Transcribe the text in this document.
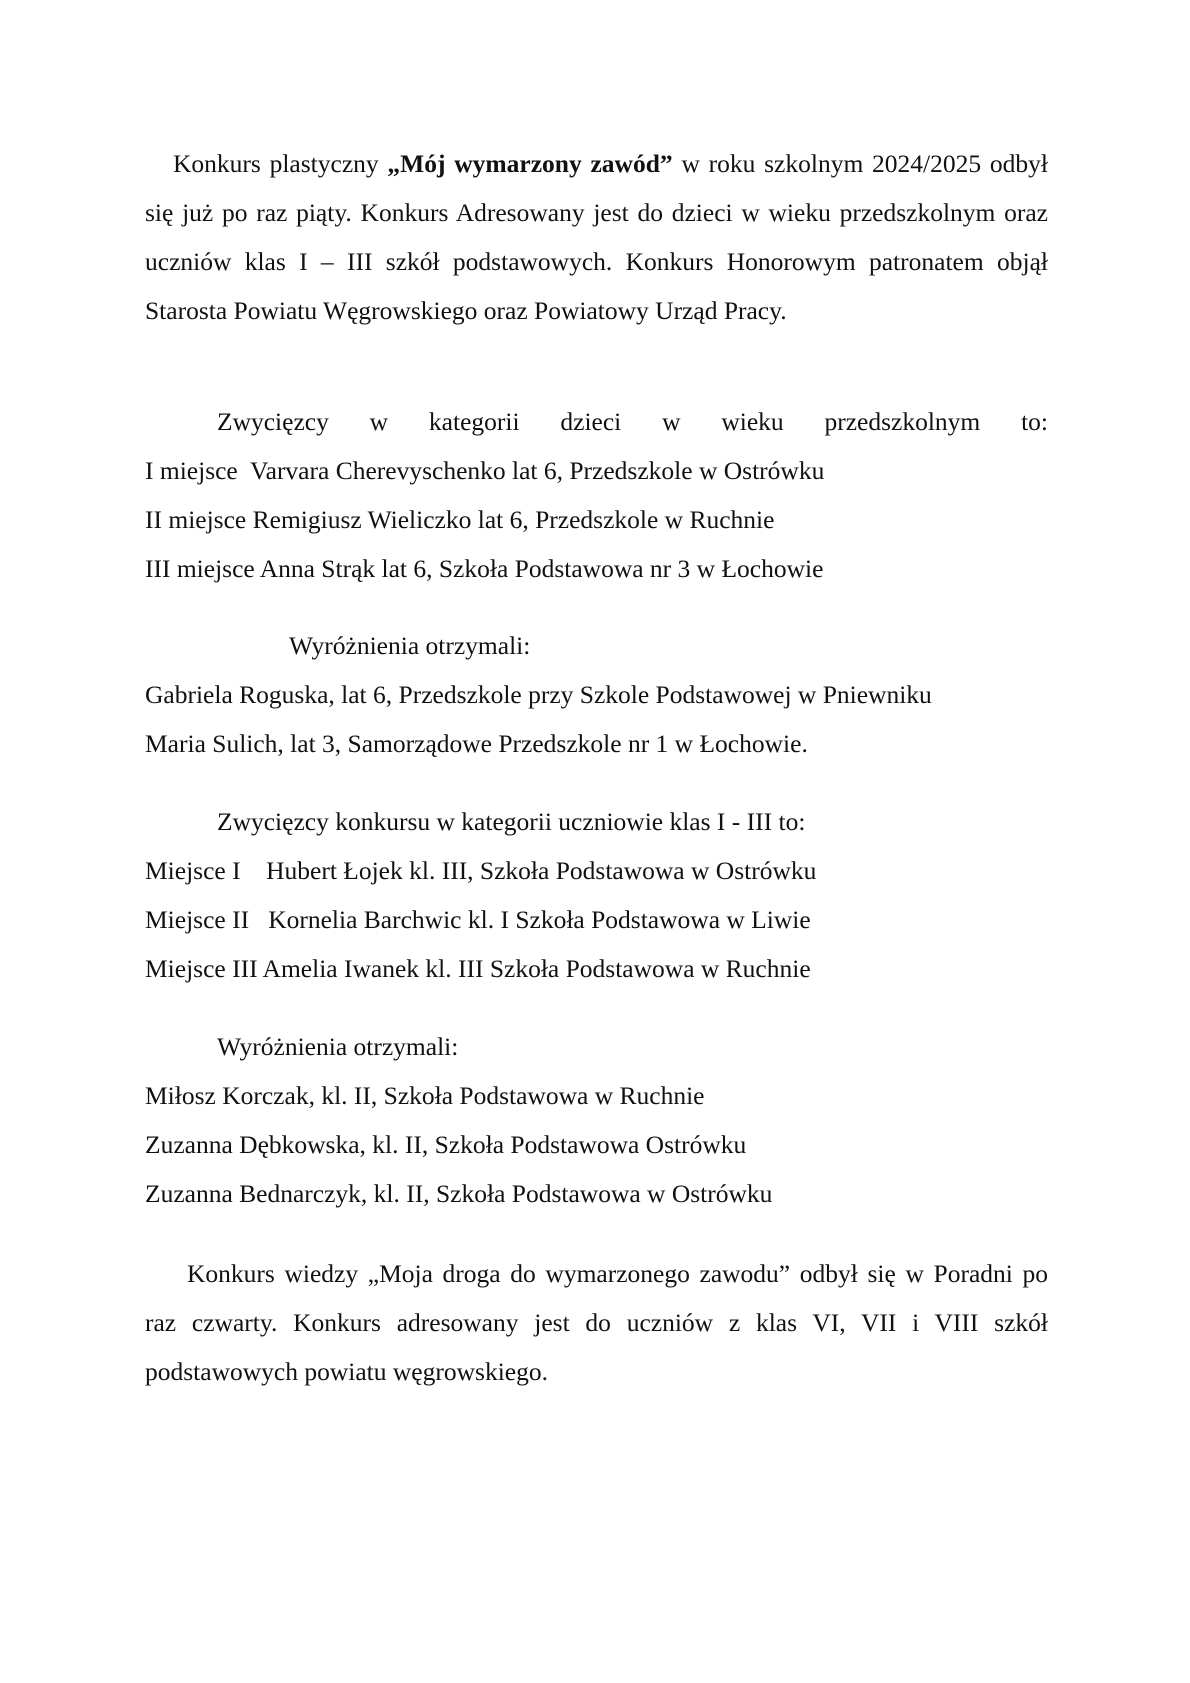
Konkurs plastyczny „Mój wymarzony zawód” w roku szkolnym 2024/2025 odbył się już po raz piąty. Konkurs Adresowany jest do dzieci w wieku przedszkolnym oraz uczniów klas I – III szkół podstawowych. Konkurs Honorowym patronatem objął Starosta Powiatu Węgrowskiego oraz Powiatowy Urząd Pracy.

Zwycięzcy w kategorii dzieci w wieku przedszkolnym to:

I miejsce  Varvara Cherevyschenko lat 6, Przedszkole w Ostrówku
II miejsce Remigiusz Wieliczko lat 6, Przedszkole w Ruchnie
III miejsce Anna Strąk lat 6, Szkoła Podstawowa nr 3 w Łochowie
Wyróżnienia otrzymali:
Gabriela Roguska, lat 6, Przedszkole przy Szkole Podstawowej w Pniewniku
Maria Sulich, lat 3, Samorządowe Przedszkole nr 1 w Łochowie.
Zwycięzcy konkursu w kategorii uczniowie klas I - III to:
Miejsce I    Hubert Łojek kl. III, Szkoła Podstawowa w Ostrówku
Miejsce II   Kornelia Barchwic kl. I Szkoła Podstawowa w Liwie
Miejsce III Amelia Iwanek kl. III Szkoła Podstawowa w Ruchnie
Wyróżnienia otrzymali:
Miłosz Korczak, kl. II, Szkoła Podstawowa w Ruchnie
Zuzanna Dębkowska, kl. II, Szkoła Podstawowa Ostrówku
Zuzanna Bednarczyk, kl. II, Szkoła Podstawowa w Ostrówku

Konkurs wiedzy „Moja droga do wymarzonego zawodu” odbył się w Poradni po raz czwarty. Konkurs adresowany jest do uczniów z klas VI, VII i VIII szkół podstawowych powiatu węgrowskiego.
